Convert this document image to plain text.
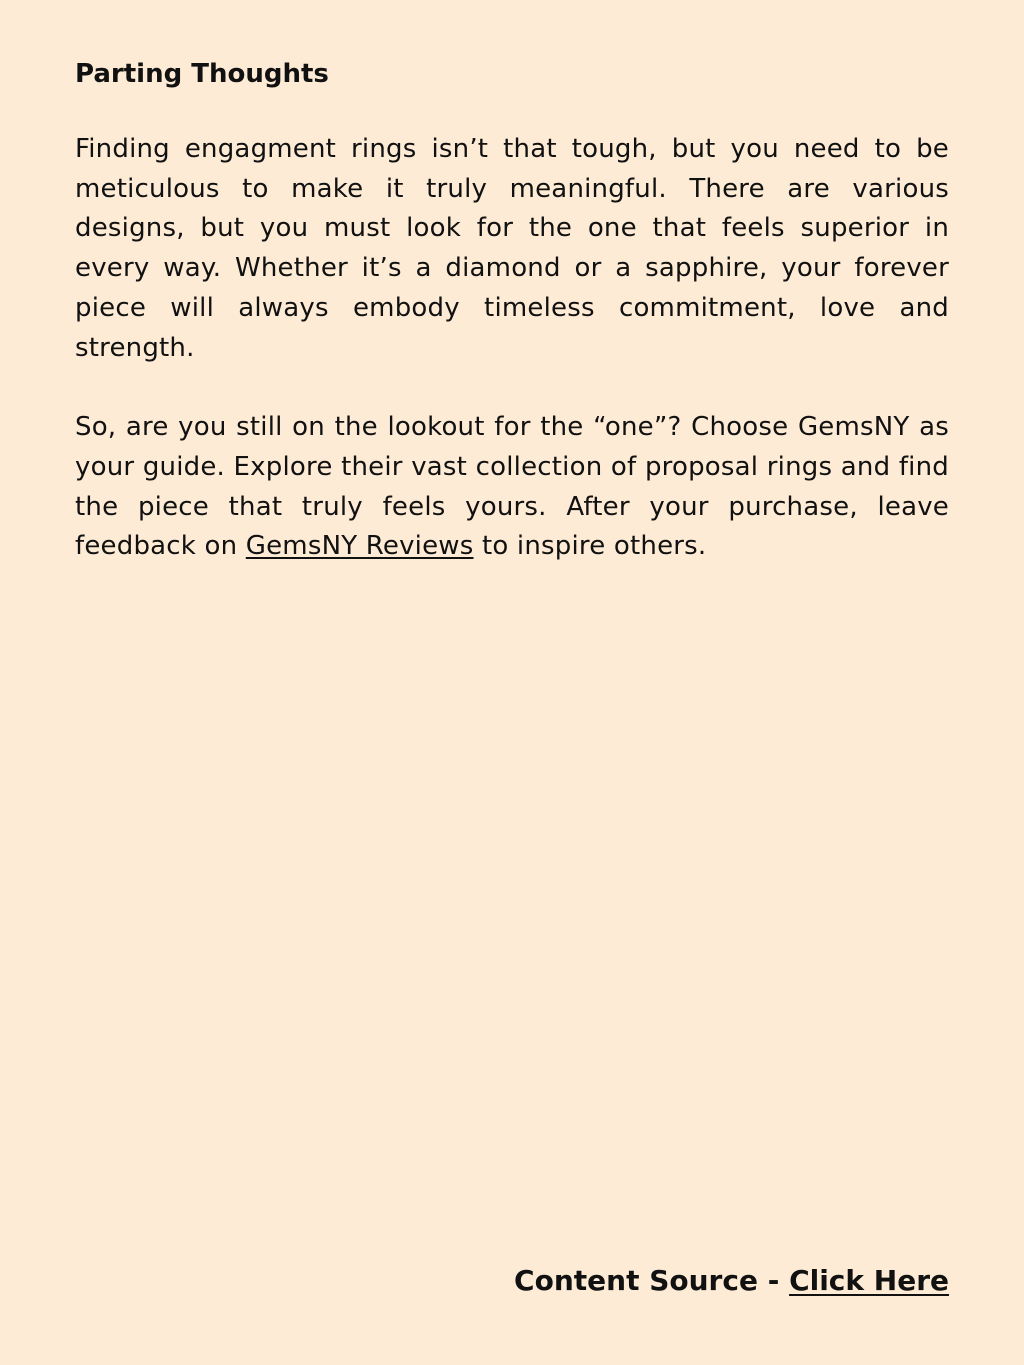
Parting Thoughts

Finding engagment rings isn’t that tough, but you need to be meticulous to make it truly meaningful. There are various designs, but you must look for the one that feels superior in every way. Whether it’s a diamond or a sapphire, your forever piece will always embody timeless commitment, love and strength.

So, are you still on the lookout for the “one”? Choose GemsNY as your guide. Explore their vast collection of proposal rings and find the piece that truly feels yours. After your purchase, leave feedback on GemsNY Reviews to inspire others.

Content Source - Click Here
